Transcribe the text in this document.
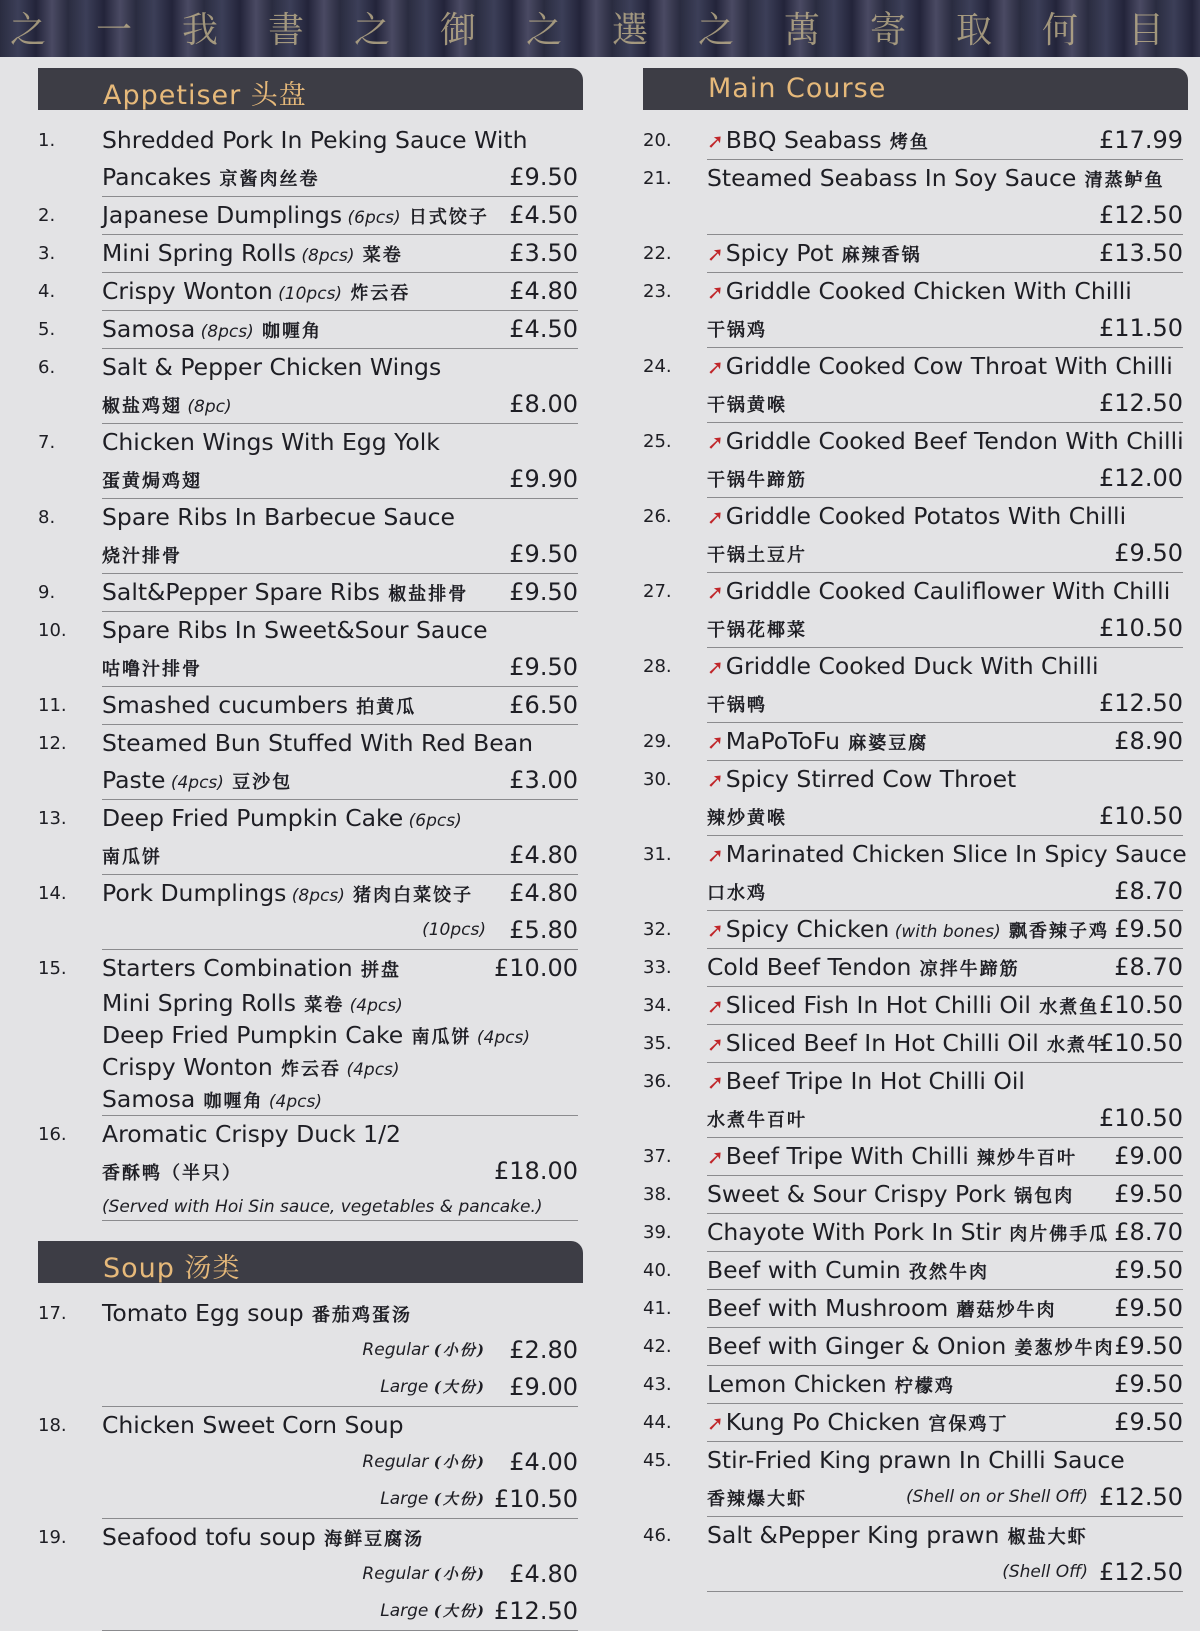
之 一 我 書 之 御 之 選 之 萬 寄 取 何 目
Appetiser 头盘
1.	Shredded Pork In Peking Sauce With
Pancakes 京酱肉丝卷	£9.50
2.	Japanese Dumplings (6pcs) 日式饺子 £4.50
3.	Mini Spring Rolls (8pcs) 菜卷	£3.50
4.	Crispy Wonton (10pcs) 炸云吞	£4.80
5.	Samosa (8pcs) 咖喱角	£4.50
6.	Salt & Pepper Chicken Wings
椒盐鸡翅 (8pc)	£8.00
7.	Chicken Wings With Egg Yolk
蛋黄焗鸡翅	£9.90
8.	Spare Ribs In Barbecue Sauce
烧汁排骨	£9.50
9.	Salt&Pepper Spare Ribs 椒盐排骨 £9.50
10.	Spare Ribs In Sweet&Sour Sauce
咕噜汁排骨	£9.50
11.	Smashed cucumbers 拍黄瓜	£6.50
12.	Steamed Bun Stuffed With Red Bean
Paste (4pcs) 豆沙包	£3.00
13.	Deep Fried Pumpkin Cake (6pcs)
南瓜饼	£4.80
14.	Pork Dumplings (8pcs) 猪肉白菜饺子 £4.80
(10pcs) £5.80
15.	Starters Combination 拼盘	£10.00
Mini Spring Rolls 菜卷 (4pcs)
Deep Fried Pumpkin Cake 南瓜饼 (4pcs)
Crispy Wonton 炸云吞 (4pcs)
Samosa 咖喱角 (4pcs)
16.	Aromatic Crispy Duck 1/2
香酥鸭（半只）	£18.00
(Served with Hoi Sin sauce, vegetables & pancake.)
Soup 汤类
17.	Tomato Egg soup 番茄鸡蛋汤
Regular (小份) £2.80
Large (大份) £9.00
18.	Chicken Sweet Corn Soup
Regular (小份) £4.00
Large (大份) £10.50
19.	Seafood tofu soup 海鲜豆腐汤
Regular (小份) £4.80
Large (大份) £12.50
Main Course
20.	➚BBQ Seabass 烤鱼	£17.99
21.	Steamed Seabass In Soy Sauce 清蒸鲈鱼
£12.50
22.	➚Spicy Pot 麻辣香锅	£13.50
23.	➚Griddle Cooked Chicken With Chilli
干锅鸡	£11.50
24.	➚Griddle Cooked Cow Throat With Chilli
干锅黄喉	£12.50
25.	➚Griddle Cooked Beef Tendon With Chilli
干锅牛蹄筋	£12.00
26.	➚Griddle Cooked Potatos With Chilli
干锅土豆片	£9.50
27.	➚Griddle Cooked Cauliflower With Chilli
干锅花椰菜	£10.50
28.	➚Griddle Cooked Duck With Chilli
干锅鸭	£12.50
29.	➚MaPoToFu 麻婆豆腐	£8.90
30.	➚Spicy Stirred Cow Throet
辣炒黄喉	£10.50
31.	➚Marinated Chicken Slice In Spicy Sauce
口水鸡	£8.70
32.	➚Spicy Chicken (with bones) 飘香辣子鸡 £9.50
33.	Cold Beef Tendon 凉拌牛蹄筋	£8.70
34.	➚Sliced Fish In Hot Chilli Oil 水煮鱼 £10.50
35.	➚Sliced Beef In Hot Chilli Oil 水煮牛
£10.50
36.	➚Beef Tripe In Hot Chilli Oil
水煮牛百叶	£10.50
37.	➚Beef Tripe With Chilli 辣炒牛百叶 £9.00
38.	Sweet & Sour Crispy Pork 锅包肉 £9.50
39.	Chayote With Pork In Stir 肉片佛手瓜 £8.70
40.	Beef with Cumin 孜然牛肉	£9.50
41.	Beef with Mushroom 蘑菇炒牛肉 £9.50
42.	Beef with Ginger & Onion 姜葱炒牛肉 £9.50
43.	Lemon Chicken 柠檬鸡	£9.50
44.	➚Kung Po Chicken 宫保鸡丁	£9.50
45.	Stir-Fried King prawn In Chilli Sauce
香辣爆大虾	(Shell on or Shell Off) £12.50
46.	Salt &Pepper King prawn 椒盐大虾
(Shell Off) £12.50
